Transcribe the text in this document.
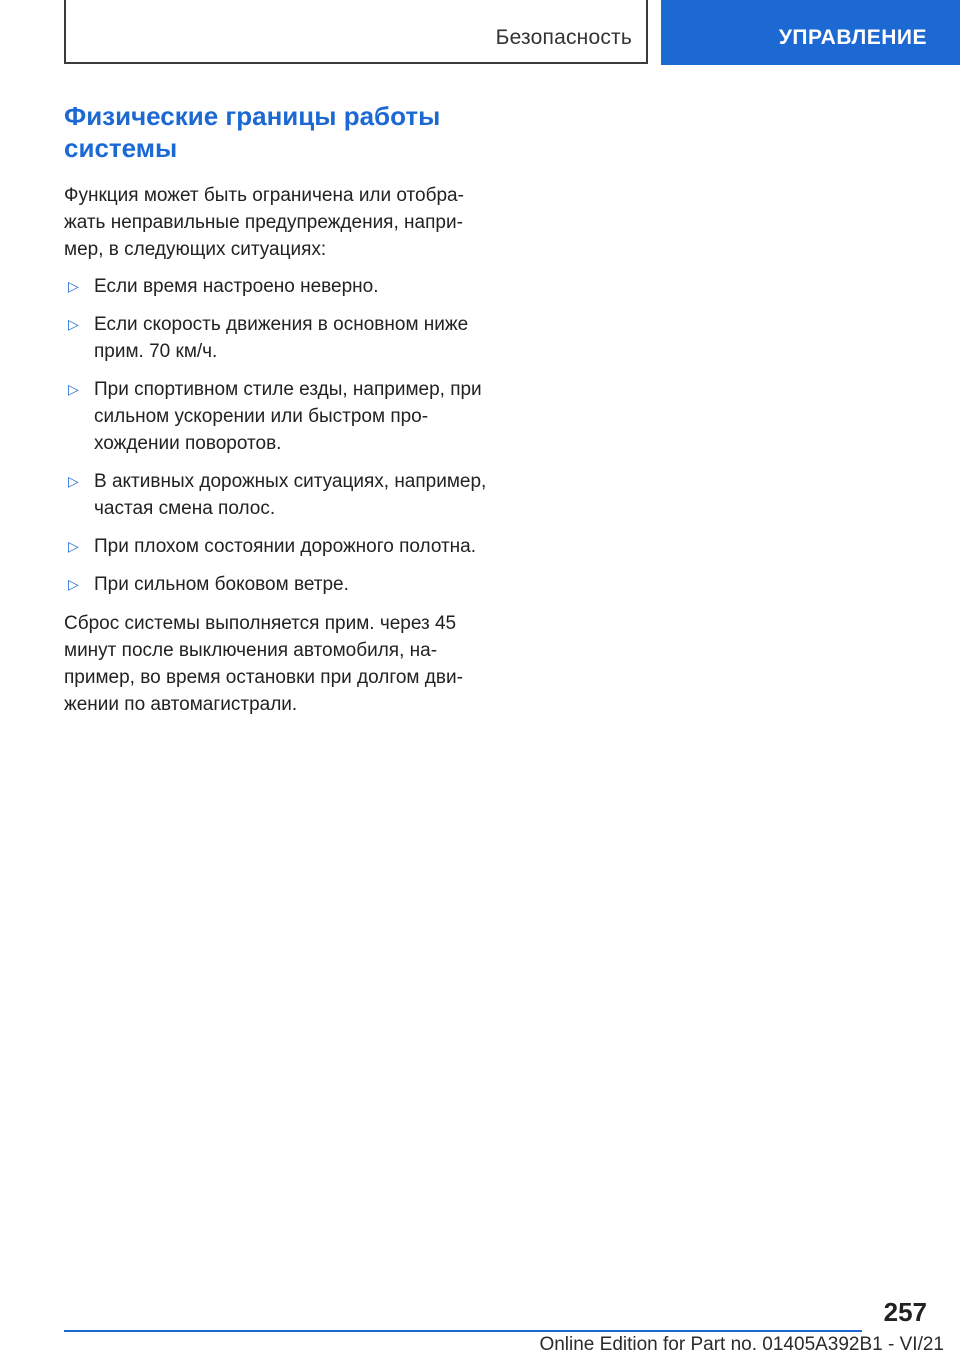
Безопасность	УПРАВЛЕНИЕ
Физические границы работы системы

Функция может быть ограничена или отображать неправильные предупреждения, например, в следующих ситуациях:

▷ Если время настроено неверно.
▷ Если скорость движения в основном ниже прим. 70 км/ч.
▷ При спортивном стиле езды, например, при сильном ускорении или быстром прохождении поворотов.
▷ В активных дорожных ситуациях, например, частая смена полос.
▷ При плохом состоянии дорожного полотна.
▷ При сильном боковом ветре.

Сброс системы выполняется прим. через 45 минут после выключения автомобиля, например, во время остановки при долгом движении по автомагистрали.

257
Online Edition for Part no. 01405A392B1 - VI/21
